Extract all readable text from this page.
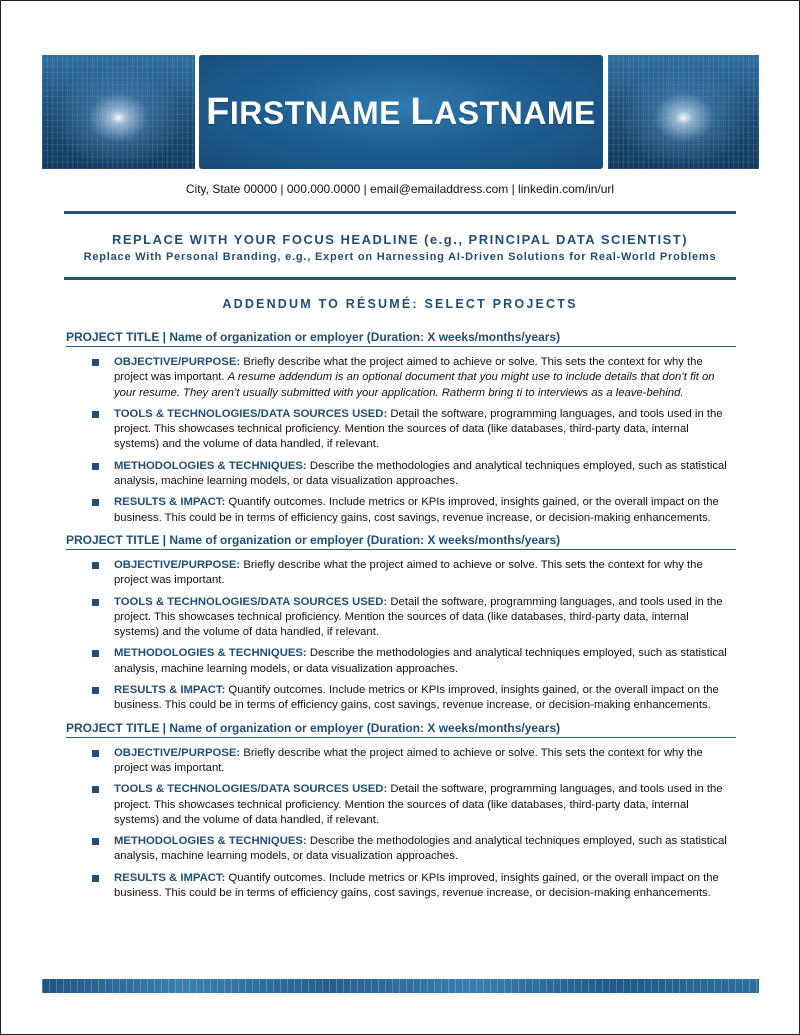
FIRSTNAME LASTNAME
City, State 00000 | 000.000.0000 | email@emailaddress.com | linkedin.com/in/url
REPLACE WITH YOUR FOCUS HEADLINE (e.g., PRINCIPAL DATA SCIENTIST)
Replace With Personal Branding, e.g., Expert on Harnessing AI-Driven Solutions for Real-World Problems
ADDENDUM TO RÉSUMÉ: SELECT PROJECTS
PROJECT TITLE | Name of organization or employer (Duration: X weeks/months/years)
OBJECTIVE/PURPOSE: Briefly describe what the project aimed to achieve or solve. This sets the context for why the project was important. A resume addendum is an optional document that you might use to include details that don’t fit on your resume. They aren’t usually submitted with your application. Ratherm bring ti to interviews as a leave-behind.
TOOLS & TECHNOLOGIES/DATA SOURCES USED: Detail the software, programming languages, and tools used in the project. This showcases technical proficiency. Mention the sources of data (like databases, third-party data, internal systems) and the volume of data handled, if relevant.
METHODOLOGIES & TECHNIQUES: Describe the methodologies and analytical techniques employed, such as statistical analysis, machine learning models, or data visualization approaches.
RESULTS & IMPACT: Quantify outcomes. Include metrics or KPIs improved, insights gained, or the overall impact on the business. This could be in terms of efficiency gains, cost savings, revenue increase, or decision-making enhancements.
PROJECT TITLE | Name of organization or employer (Duration: X weeks/months/years)
OBJECTIVE/PURPOSE: Briefly describe what the project aimed to achieve or solve. This sets the context for why the project was important.
TOOLS & TECHNOLOGIES/DATA SOURCES USED: Detail the software, programming languages, and tools used in the project. This showcases technical proficiency. Mention the sources of data (like databases, third-party data, internal systems) and the volume of data handled, if relevant.
METHODOLOGIES & TECHNIQUES: Describe the methodologies and analytical techniques employed, such as statistical analysis, machine learning models, or data visualization approaches.
RESULTS & IMPACT: Quantify outcomes. Include metrics or KPIs improved, insights gained, or the overall impact on the business. This could be in terms of efficiency gains, cost savings, revenue increase, or decision-making enhancements.
PROJECT TITLE | Name of organization or employer (Duration: X weeks/months/years)
OBJECTIVE/PURPOSE: Briefly describe what the project aimed to achieve or solve. This sets the context for why the project was important.
TOOLS & TECHNOLOGIES/DATA SOURCES USED: Detail the software, programming languages, and tools used in the project. This showcases technical proficiency. Mention the sources of data (like databases, third-party data, internal systems) and the volume of data handled, if relevant.
METHODOLOGIES & TECHNIQUES: Describe the methodologies and analytical techniques employed, such as statistical analysis, machine learning models, or data visualization approaches.
RESULTS & IMPACT: Quantify outcomes. Include metrics or KPIs improved, insights gained, or the overall impact on the business. This could be in terms of efficiency gains, cost savings, revenue increase, or decision-making enhancements.
